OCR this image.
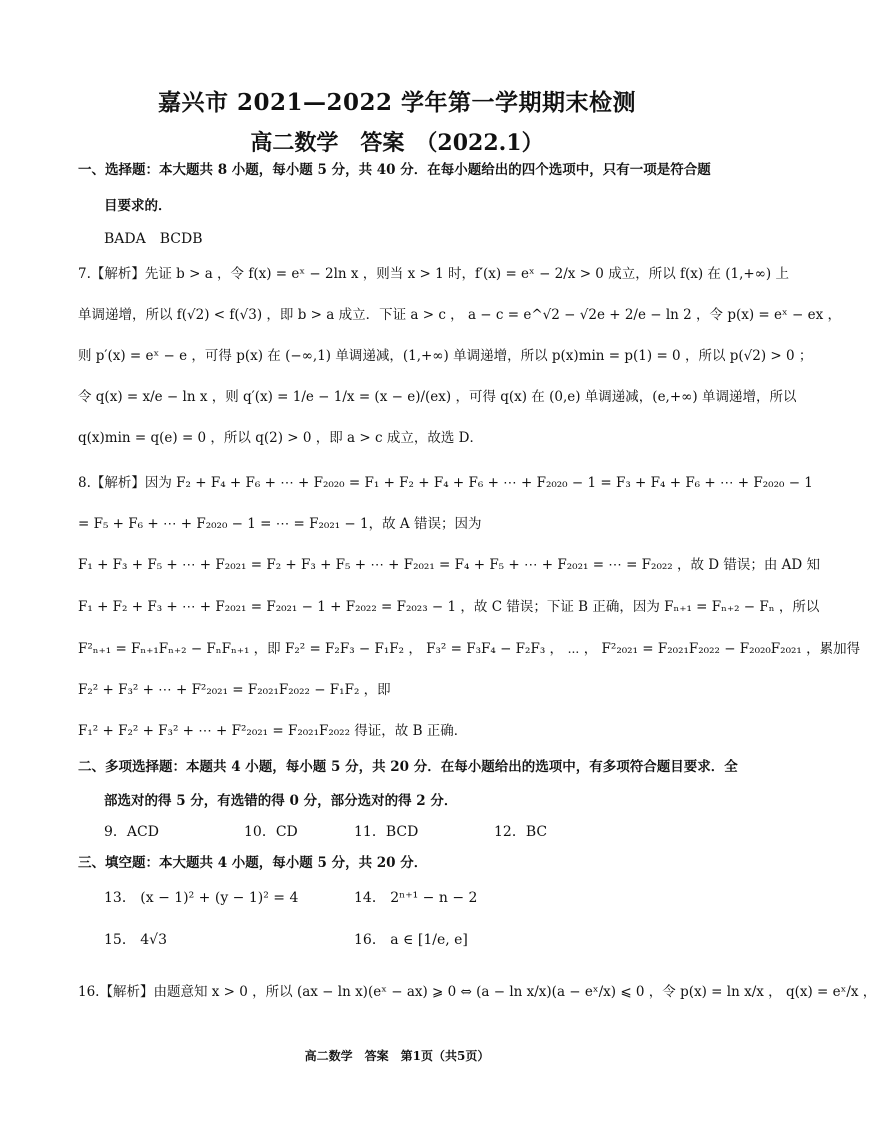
嘉兴市 2021—2022 学年第一学期期末检测
高二数学　答案　（2022.1）
一、选择题：本大题共 8 小题，每小题 5 分，共 40 分．在每小题给出的四个选项中，只有一项是符合题
目要求的．
BADA　BCDB
7.【解析】先证 b > a ，令 f(x) = eˣ − 2ln x ，则当 x > 1 时，f′(x) = eˣ − 2/x > 0 成立，所以 f(x) 在 (1,+∞) 上
单调递增，所以 f(√2) < f(√3) ，即 b > a 成立．下证 a > c ， a − c = e^√2 − √2e + 2/e − ln 2 ，令 p(x) = eˣ − ex ，
则 p′(x) = eˣ − e ，可得 p(x) 在 (−∞,1) 单调递减，(1,+∞) 单调递增，所以 p(x)min = p(1) = 0 ，所以 p(√2) > 0 ；
令 q(x) = x/e − ln x ，则 q′(x) = 1/e − 1/x = (x − e)/(ex) ，可得 q(x) 在 (0,e) 单调递减，(e,+∞) 单调递增，所以
q(x)min = q(e) = 0 ，所以 q(2) > 0 ，即 a > c 成立，故选 D．
8.【解析】因为 F₂ + F₄ + F₆ + ⋯ + F₂₀₂₀ = F₁ + F₂ + F₄ + F₆ + ⋯ + F₂₀₂₀ − 1 = F₃ + F₄ + F₆ + ⋯ + F₂₀₂₀ − 1
= F₅ + F₆ + ⋯ + F₂₀₂₀ − 1 = ⋯ = F₂₀₂₁ − 1，故 A 错误；因为
F₁ + F₃ + F₅ + ⋯ + F₂₀₂₁ = F₂ + F₃ + F₅ + ⋯ + F₂₀₂₁ = F₄ + F₅ + ⋯ + F₂₀₂₁ = ⋯ = F₂₀₂₂ ，故 D 错误；由 AD 知
F₁ + F₂ + F₃ + ⋯ + F₂₀₂₁ = F₂₀₂₁ − 1 + F₂₀₂₂ = F₂₀₂₃ − 1 ，故 C 错误；下证 B 正确，因为 Fₙ₊₁ = Fₙ₊₂ − Fₙ ，所以
F²ₙ₊₁ = Fₙ₊₁Fₙ₊₂ − FₙFₙ₊₁ ，即 F₂² = F₂F₃ − F₁F₂ ， F₃² = F₃F₄ − F₂F₃ ， ⋯ ， F²₂₀₂₁ = F₂₀₂₁F₂₀₂₂ − F₂₀₂₀F₂₀₂₁ ，累加得
F₂² + F₃² + ⋯ + F²₂₀₂₁ = F₂₀₂₁F₂₀₂₂ − F₁F₂ ，即
F₁² + F₂² + F₃² + ⋯ + F²₂₀₂₁ = F₂₀₂₁F₂₀₂₂ 得证，故 B 正确．
二、多项选择题：本题共 4 小题，每小题 5 分，共 20 分．在每小题给出的选项中，有多项符合题目要求．全
部选对的得 5 分，有选错的得 0 分，部分选对的得 2 分．
9．ACD	10．CD	11．BCD	12．BC
三、填空题：本大题共 4 小题，每小题 5 分，共 20 分．
13． (x − 1)² + (y − 1)² = 4	14． 2ⁿ⁺¹ − n − 2
15． 4√3	16． a ∈ [1/e, e]
16.【解析】由题意知 x > 0 ，所以 (ax − ln x)(eˣ − ax) ⩾ 0 ⇔ (a − ln x/x)(a − eˣ/x) ⩽ 0 ，令 p(x) = ln x/x ， q(x) = eˣ/x ，
高二数学　答案　第1页（共5页）
